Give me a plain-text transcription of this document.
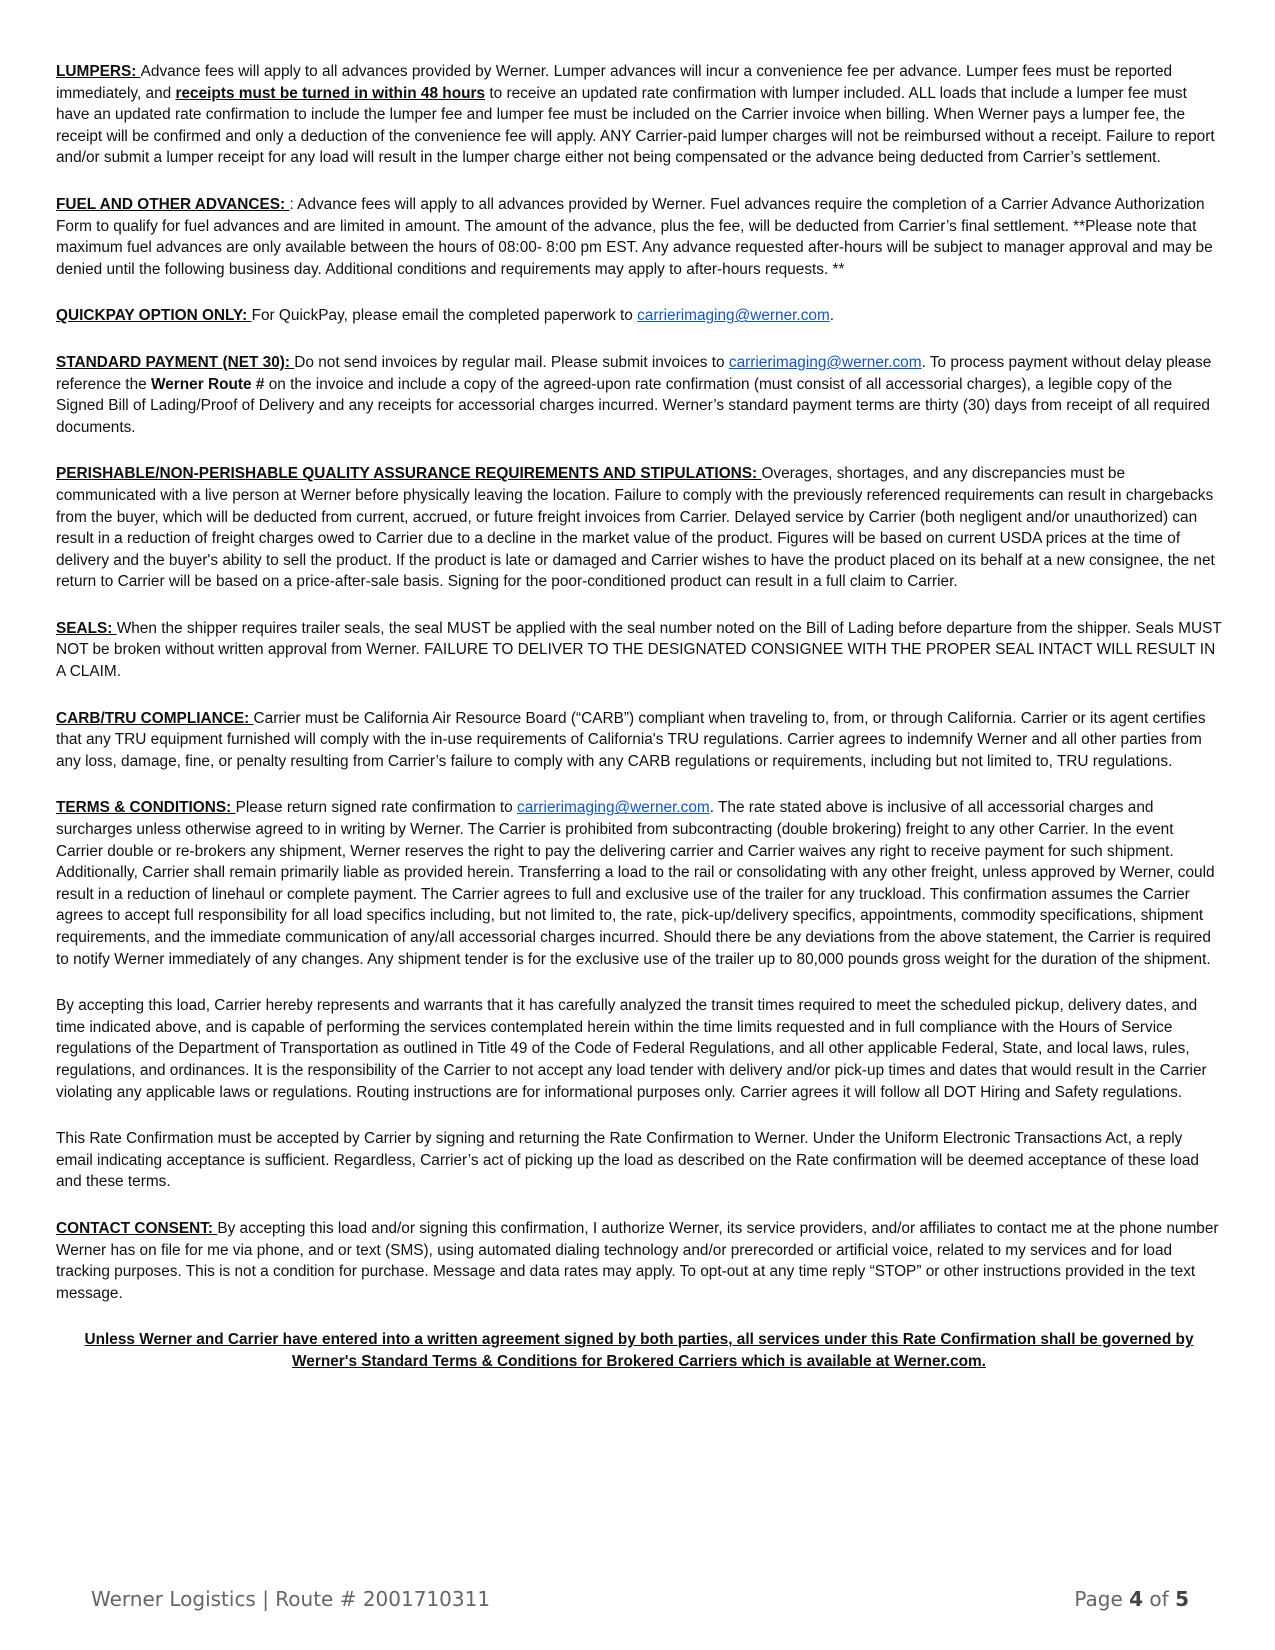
LUMPERS: Advance fees will apply to all advances provided by Werner. Lumper advances will incur a convenience fee per advance. Lumper fees must be reported immediately, and receipts must be turned in within 48 hours to receive an updated rate confirmation with lumper included. ALL loads that include a lumper fee must have an updated rate confirmation to include the lumper fee and lumper fee must be included on the Carrier invoice when billing. When Werner pays a lumper fee, the receipt will be confirmed and only a deduction of the convenience fee will apply. ANY Carrier-paid lumper charges will not be reimbursed without a receipt. Failure to report and/or submit a lumper receipt for any load will result in the lumper charge either not being compensated or the advance being deducted from Carrier’s settlement.

FUEL AND OTHER ADVANCES: : Advance fees will apply to all advances provided by Werner. Fuel advances require the completion of a Carrier Advance Authorization Form to qualify for fuel advances and are limited in amount. The amount of the advance, plus the fee, will be deducted from Carrier’s final settlement. **Please note that maximum fuel advances are only available between the hours of 08:00- 8:00 pm EST. Any advance requested after-hours will be subject to manager approval and may be denied until the following business day. Additional conditions and requirements may apply to after-hours requests. **

QUICKPAY OPTION ONLY: For QuickPay, please email the completed paperwork to carrierimaging@werner.com.

STANDARD PAYMENT (NET 30): Do not send invoices by regular mail. Please submit invoices to carrierimaging@werner.com. To process payment without delay please reference the Werner Route # on the invoice and include a copy of the agreed-upon rate confirmation (must consist of all accessorial charges), a legible copy of the Signed Bill of Lading/Proof of Delivery and any receipts for accessorial charges incurred. Werner’s standard payment terms are thirty (30) days from receipt of all required documents.

PERISHABLE/NON-PERISHABLE QUALITY ASSURANCE REQUIREMENTS AND STIPULATIONS: Overages, shortages, and any discrepancies must be communicated with a live person at Werner before physically leaving the location. Failure to comply with the previously referenced requirements can result in chargebacks from the buyer, which will be deducted from current, accrued, or future freight invoices from Carrier. Delayed service by Carrier (both negligent and/or unauthorized) can result in a reduction of freight charges owed to Carrier due to a decline in the market value of the product. Figures will be based on current USDA prices at the time of delivery and the buyer's ability to sell the product. If the product is late or damaged and Carrier wishes to have the product placed on its behalf at a new consignee, the net return to Carrier will be based on a price-after-sale basis. Signing for the poor-conditioned product can result in a full claim to Carrier.

SEALS: When the shipper requires trailer seals, the seal MUST be applied with the seal number noted on the Bill of Lading before departure from the shipper. Seals MUST NOT be broken without written approval from Werner. FAILURE TO DELIVER TO THE DESIGNATED CONSIGNEE WITH THE PROPER SEAL INTACT WILL RESULT IN A CLAIM.

CARB/TRU COMPLIANCE: Carrier must be California Air Resource Board (“CARB”) compliant when traveling to, from, or through California. Carrier or its agent certifies that any TRU equipment furnished will comply with the in-use requirements of California's TRU regulations. Carrier agrees to indemnify Werner and all other parties from any loss, damage, fine, or penalty resulting from Carrier’s failure to comply with any CARB regulations or requirements, including but not limited to, TRU regulations.

TERMS & CONDITIONS: Please return signed rate confirmation to carrierimaging@werner.com. The rate stated above is inclusive of all accessorial charges and surcharges unless otherwise agreed to in writing by Werner. The Carrier is prohibited from subcontracting (double brokering) freight to any other Carrier. In the event Carrier double or re-brokers any shipment, Werner reserves the right to pay the delivering carrier and Carrier waives any right to receive payment for such shipment. Additionally, Carrier shall remain primarily liable as provided herein. Transferring a load to the rail or consolidating with any other freight, unless approved by Werner, could result in a reduction of linehaul or complete payment. The Carrier agrees to full and exclusive use of the trailer for any truckload. This confirmation assumes the Carrier agrees to accept full responsibility for all load specifics including, but not limited to, the rate, pick-up/delivery specifics, appointments, commodity specifications, shipment requirements, and the immediate communication of any/all accessorial charges incurred. Should there be any deviations from the above statement, the Carrier is required to notify Werner immediately of any changes. Any shipment tender is for the exclusive use of the trailer up to 80,000 pounds gross weight for the duration of the shipment.

By accepting this load, Carrier hereby represents and warrants that it has carefully analyzed the transit times required to meet the scheduled pickup, delivery dates, and time indicated above, and is capable of performing the services contemplated herein within the time limits requested and in full compliance with the Hours of Service regulations of the Department of Transportation as outlined in Title 49 of the Code of Federal Regulations, and all other applicable Federal, State, and local laws, rules, regulations, and ordinances. It is the responsibility of the Carrier to not accept any load tender with delivery and/or pick-up times and dates that would result in the Carrier violating any applicable laws or regulations. Routing instructions are for informational purposes only. Carrier agrees it will follow all DOT Hiring and Safety regulations.

This Rate Confirmation must be accepted by Carrier by signing and returning the Rate Confirmation to Werner. Under the Uniform Electronic Transactions Act, a reply email indicating acceptance is sufficient. Regardless, Carrier’s act of picking up the load as described on the Rate confirmation will be deemed acceptance of these load and these terms.

CONTACT CONSENT: By accepting this load and/or signing this confirmation, I authorize Werner, its service providers, and/or affiliates to contact me at the phone number Werner has on file for me via phone, and or text (SMS), using automated dialing technology and/or prerecorded or artificial voice, related to my services and for load tracking purposes. This is not a condition for purchase. Message and data rates may apply. To opt-out at any time reply “STOP” or other instructions provided in the text message.

Unless Werner and Carrier have entered into a written agreement signed by both parties, all services under this Rate Confirmation shall be governed by Werner's Standard Terms & Conditions for Brokered Carriers which is available at Werner.com.

Werner Logistics | Route # 2001710311	Page 4 of 5
